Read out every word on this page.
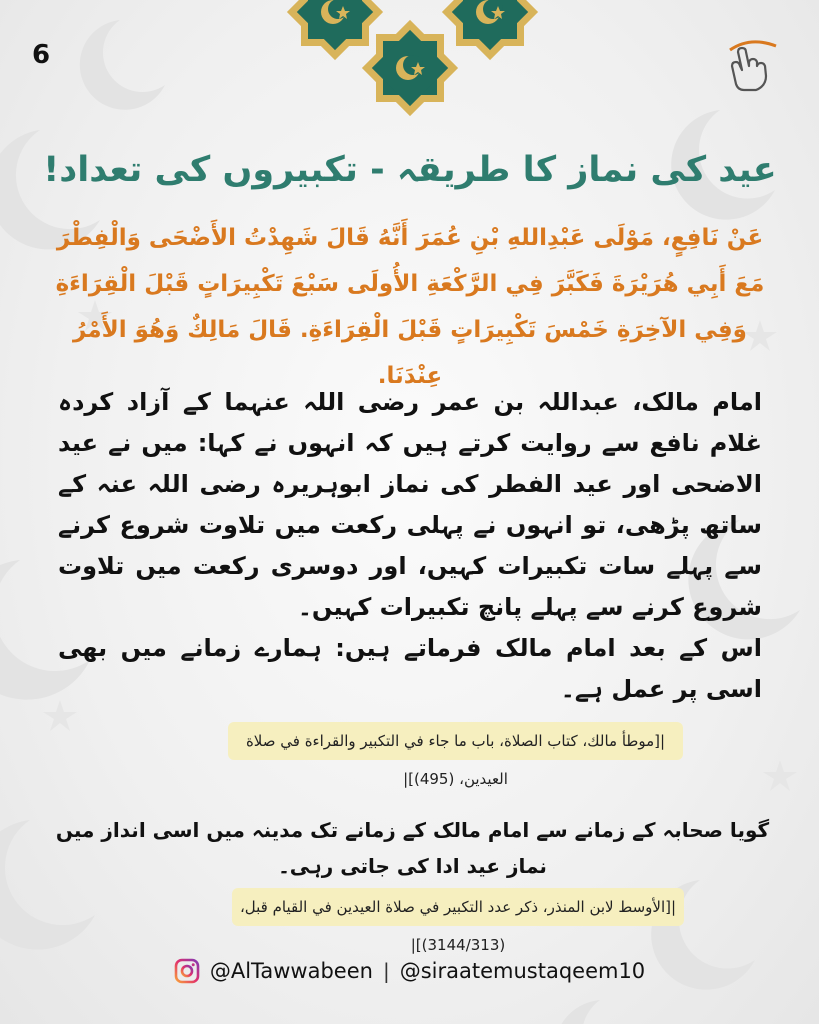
6
عید کی نماز کا طریقہ - تکبیروں کی تعداد!
عَنْ نَافِعٍ، مَوْلَى عَبْدِاللهِ بْنِ عُمَرَ أَنَّهُ قَالَ شَهِدْتُ الأَضْحَى وَالْفِطْرَ مَعَ أَبِي هُرَيْرَةَ فَكَبَّرَ فِي الرَّكْعَةِ الأُولَى سَبْعَ تَكْبِيرَاتٍ قَبْلَ الْقِرَاءَةِ وَفِي الآخِرَةِ خَمْسَ تَكْبِيرَاتٍ قَبْلَ الْقِرَاءَةِ. قَالَ مَالِكٌ وَهُوَ الأَمْرُ عِنْدَنَا.

امام مالک، عبداللہ بن عمر رضی اللہ عنہما کے آزاد کردہ غلام نافع سے روایت کرتے ہیں کہ انہوں نے کہا: میں نے عید الاضحی اور عید الفطر کی نماز ابوہریرہ رضی اللہ عنہ کے ساتھ پڑھی، تو انہوں نے پہلی رکعت میں تلاوت شروع کرنے سے پہلے سات تکبیرات کہیں، اور دوسری رکعت میں تلاوت شروع کرنے سے پہلے پانچ تکبیرات کہیں۔

اس کے بعد امام مالک فرماتے ہیں: ہمارے زمانے میں بھی اسی پر عمل ہے۔

|[موطأ مالك، كتاب الصلاة، باب ما جاء في التكبير والقراءة في صلاة العيدين، (495)]|
گویا صحابہ کے زمانے سے امام مالک کے زمانے تک مدینہ میں اسی انداز میں نماز عید ادا کی جاتی رہی۔
|[الأوسط لابن المنذر، ذكر عدد التكبير في صلاة العيدين في القيام قبل، (3144/313)]|
@AlTawwabeen | @siraatemustaqeem10
